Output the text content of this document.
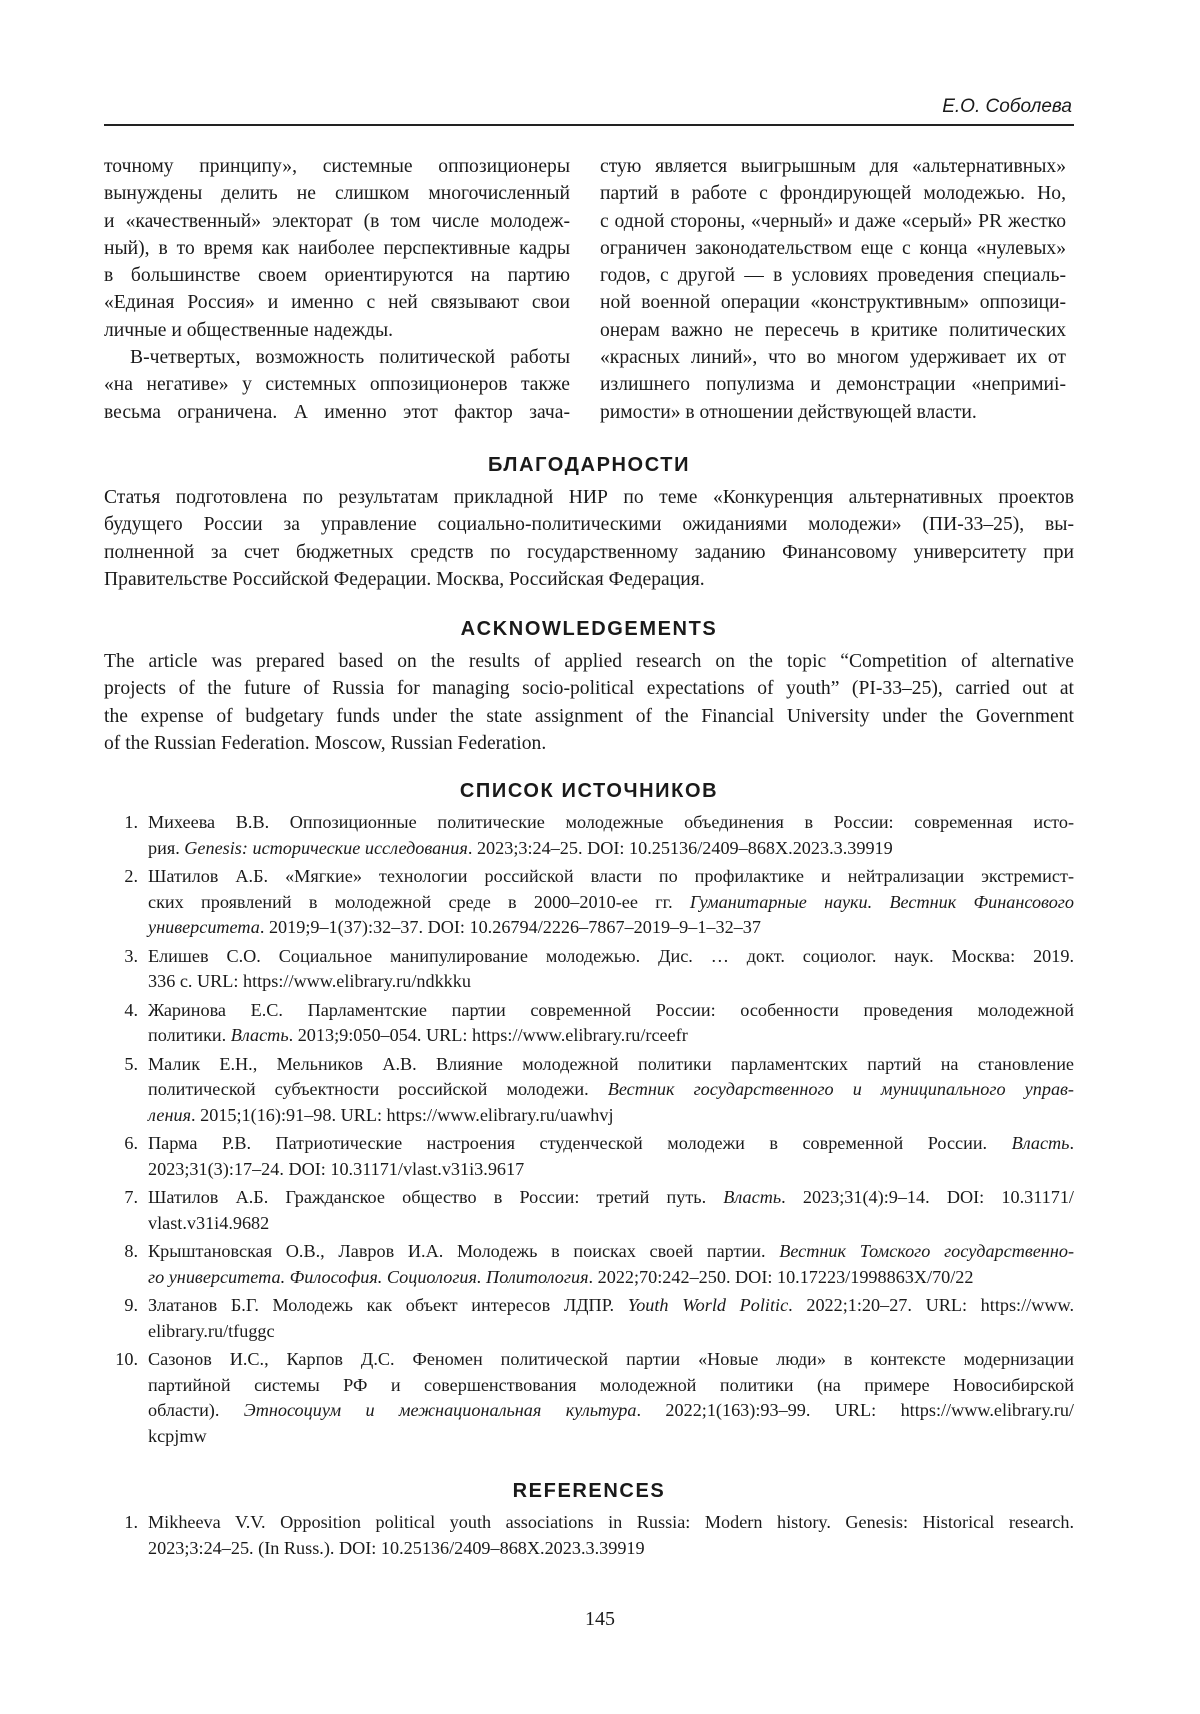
Е.О. Соболева
точному принципу», системные оппозиционеры
вынуждены делить не слишком многочисленный
и «качественный» электорат (в том числе молодеж-
ный), в то время как наиболее перспективные кадры
в большинстве своем ориентируются на партию
«Единая Россия» и именно с ней связывают свои
личные и общественные надежды.
В-четвертых, возможность политической работы
«на негативе» у системных оппозиционеров также
весьма ограничена. А именно этот фактор зача-
стую является выигрышным для «альтернативных»
партий в работе с фрондирующей молодежью. Но,
с одной стороны, «черный» и даже «серый» PR жестко
ограничен законодательством еще с конца «нулевых»
годов, с другой — в условиях проведения специаль-
ной военной операции «конструктивным» оппозици-
онерам важно не пересечь в критике политических
«красных линий», что во многом удерживает их от
излишнего популизма и демонстрации «непримиi-
римости» в отношении действующей власти.
БЛАГОДАРНОСТИ
Статья подготовлена по результатам прикладной НИР по теме «Конкуренция альтернативных проектов
будущего России за управление социально-политическими ожиданиями молодежи» (ПИ-33–25), вы-
полненной за счет бюджетных средств по государственному заданию Финансовому университету при
Правительстве Российской Федерации. Москва, Российская Федерация.
ACKNOWLEDGEMENTS
The article was prepared based on the results of applied research on the topic “Competition of alternative
projects of the future of Russia for managing socio-political expectations of youth” (PI-33–25), carried out at
the expense of budgetary funds under the state assignment of the Financial University under the Government
of the Russian Federation. Moscow, Russian Federation.
СПИСОК ИСТОЧНИКОВ
1. Михеева В.В. Оппозиционные политические молодежные объединения в России: современная исто-
рия. Genesis: исторические исследования. 2023;3:24–25. DOI: 10.25136/2409–868X.2023.3.39919
2. Шатилов А.Б. «Мягкие» технологии российской власти по профилактике и нейтрализации экстремист-
ских проявлений в молодежной среде в 2000–2010-ее гг. Гуманитарные науки. Вестник Финансового
университета. 2019;9–1(37):32–37. DOI: 10.26794/2226–7867–2019–9–1–32–37
3. Елишев С.О. Социальное манипулирование молодежью. Дис. … докт. социолог. наук. Москва: 2019.
336 с. URL: https://www.elibrary.ru/ndkkku
4. Жаринова Е.С. Парламентские партии современной России: особенности проведения молодежной
политики. Власть. 2013;9:050–054. URL: https://www.elibrary.ru/rceefr
5. Малик Е.Н., Мельников А.В. Влияние молодежной политики парламентских партий на становление
политической субъектности российской молодежи. Вестник государственного и муниципального управ-
ления. 2015;1(16):91–98. URL: https://www.elibrary.ru/uawhvj
6. Парма Р.В. Патриотические настроения студенческой молодежи в современной России. Власть.
2023;31(3):17–24. DOI: 10.31171/vlast.v31i3.9617
7. Шатилов А.Б. Гражданское общество в России: третий путь. Власть. 2023;31(4):9–14. DOI: 10.31171/
vlast.v31i4.9682
8. Крыштановская О.В., Лавров И.А. Молодежь в поисках своей партии. Вестник Томского государственно-
го университета. Философия. Социология. Политология. 2022;70:242–250. DOI: 10.17223/1998863X/70/22
9. Златанов Б.Г. Молодежь как объект интересов ЛДПР. Youth World Politic. 2022;1:20–27. URL: https://www.
elibrary.ru/tfuggc
10. Сазонов И.С., Карпов Д.С. Феномен политической партии «Новые люди» в контексте модернизации
партийной системы РФ и совершенствования молодежной политики (на примере Новосибирской
области). Этносоциум и межнациональная культура. 2022;1(163):93–99. URL: https://www.elibrary.ru/
kcpjmw
REFERENCES
1. Mikheeva V.V. Opposition political youth associations in Russia: Modern history. Genesis: Historical research.
2023;3:24–25. (In Russ.). DOI: 10.25136/2409–868X.2023.3.39919
145
